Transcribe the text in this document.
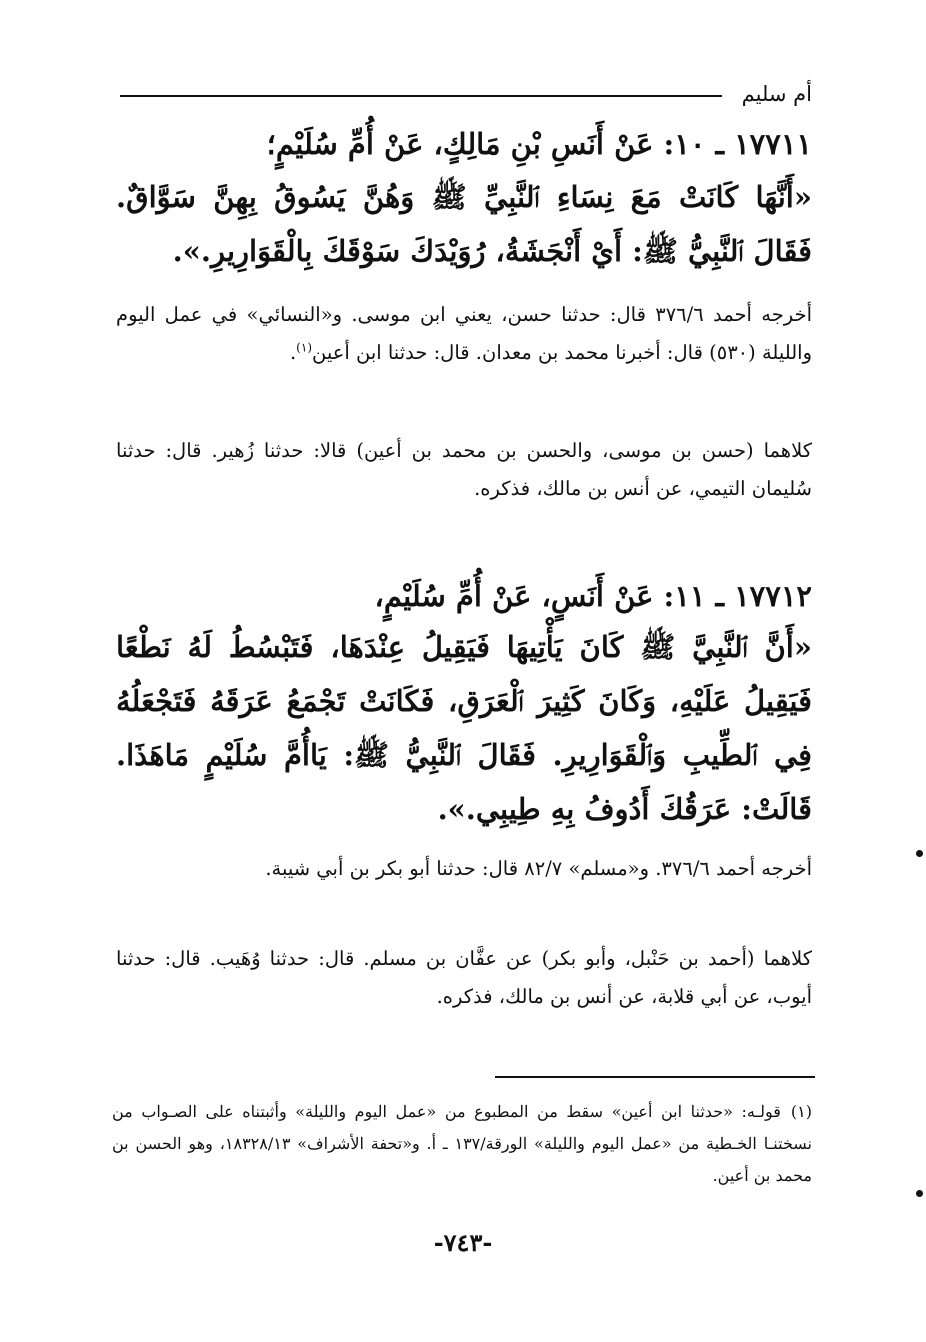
أم سليم

١٧٧١١ ـ ١٠: عَنْ أَنَسِ بْنِ مَالِكٍ، عَنْ أُمِّ سُلَيْمٍ؛

«أَنَّهَا كَانَتْ مَعَ نِسَاءِ ٱلنَّبِيِّ ﷺ وَهُنَّ يَسُوقُ بِهِنَّ سَوَّاقٌ. فَقَالَ ٱلنَّبِيُّ ﷺ: أَيْ أَنْجَشَةُ، رُوَيْدَكَ سَوْقَكَ بِالْقَوَارِيرِ.».

أخرجه أحمد ٣٧٦/٦ قال: حدثنا حسن، يعني ابن موسى. و«النسائي» في عمل اليوم والليلة (٥٣٠) قال: أخبرنا محمد بن معدان. قال: حدثنا ابن أعين$^{(١)}$.

كلاهما (حسن بن موسى، والحسن بن محمد بن أعين) قالا: حدثنا زُهير. قال: حدثنا سُليمان التيمي، عن أنس بن مالك، فذكره.

١٧٧١٢ ـ ١١: عَنْ أَنَسٍ، عَنْ أُمِّ سُلَيْمٍ،

«أَنَّ ٱلنَّبِيَّ ﷺ كَانَ يَأْتِيهَا فَيَقِيلُ عِنْدَهَا، فَتَبْسُطُ لَهُ نَطْعًا فَيَقِيلُ عَلَيْهِ، وَكَانَ كَثِيرَ ٱلْعَرَقِ، فَكَانَتْ تَجْمَعُ عَرَقَهُ فَتَجْعَلُهُ فِي ٱلطِّيبِ وَٱلْقَوَارِيرِ. فَقَالَ ٱلنَّبِيُّ ﷺ: يَاأُمَّ سُلَيْمٍ مَاهَذَا. قَالَتْ: عَرَقُكَ أَدُوفُ بِهِ طِيبِي.».

أخرجه أحمد ٣٧٦/٦. و«مسلم» ٨٢/٧ قال: حدثنا أبو بكر بن أبي شيبة.

كلاهما (أحمد بن حَنْبل، وأبو بكر) عن عفَّان بن مسلم. قال: حدثنا وُهَيب. قال: حدثنا أيوب، عن أبي قلابة، عن أنس بن مالك، فذكره.

(١)قولـه: «حدثنا ابن أعين» سقط من المطبوع من «عمل اليوم والليلة» وأثبتناه على الصـواب من نسختنـا الخـطية من «عمل اليوم والليلة» الورقة/١٣٧ ـ أ. و«تحفة الأشراف» ١٨٣٢٨/١٣، وهو الحسن بن محمد بن أعين.

-٧٤٣-
